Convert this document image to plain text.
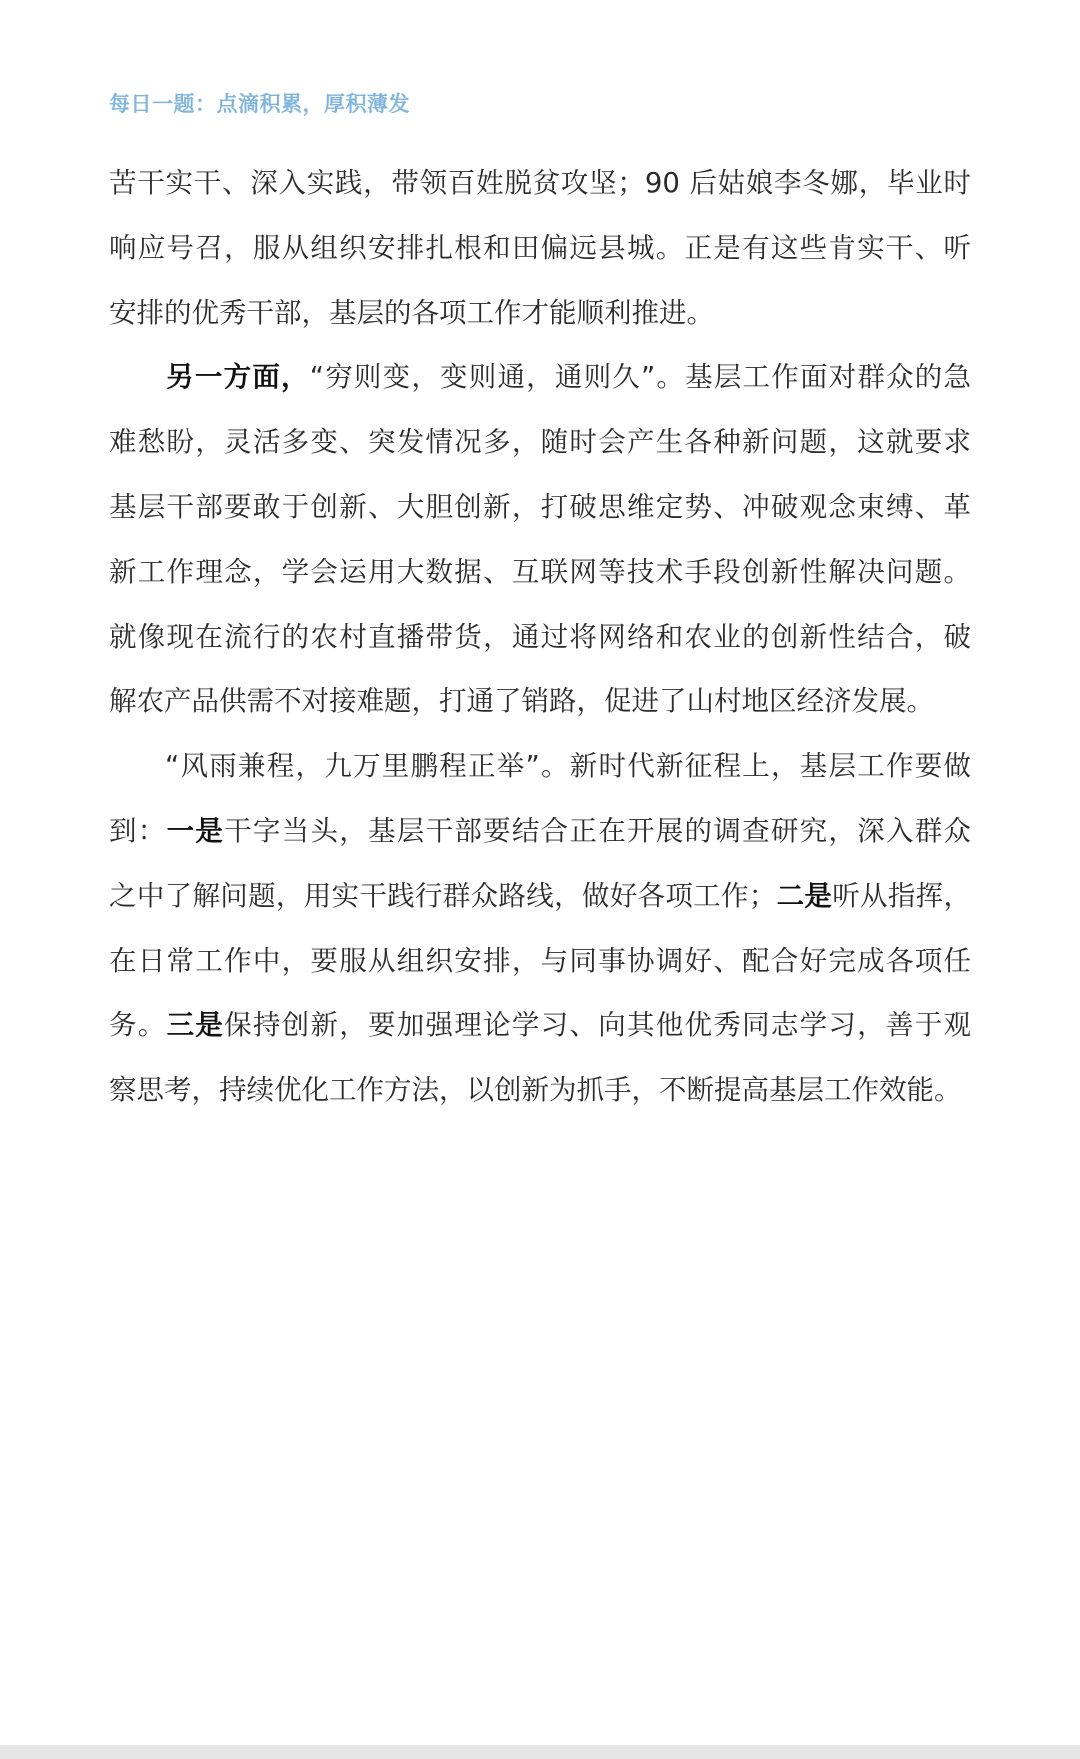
每日一题：点滴积累，厚积薄发
苦干实干、深入实践，带领百姓脱贫攻坚；90 后姑娘李冬娜，毕业时
响应号召，服从组织安排扎根和田偏远县城。正是有这些肯实干、听
安排的优秀干部，基层的各项工作才能顺利推进。
另一方面，“穷则变，变则通，通则久”。基层工作面对群众的急
难愁盼，灵活多变、突发情况多，随时会产生各种新问题，这就要求
基层干部要敢于创新、大胆创新，打破思维定势、冲破观念束缚、革
新工作理念，学会运用大数据、互联网等技术手段创新性解决问题。
就像现在流行的农村直播带货，通过将网络和农业的创新性结合，破
解农产品供需不对接难题，打通了销路，促进了山村地区经济发展。
“风雨兼程，九万里鹏程正举”。新时代新征程上，基层工作要做
到：一是干字当头，基层干部要结合正在开展的调查研究，深入群众
之中了解问题，用实干践行群众路线，做好各项工作；二是听从指挥，
在日常工作中，要服从组织安排，与同事协调好、配合好完成各项任
务。三是保持创新，要加强理论学习、向其他优秀同志学习，善于观
察思考，持续优化工作方法，以创新为抓手，不断提高基层工作效能。
